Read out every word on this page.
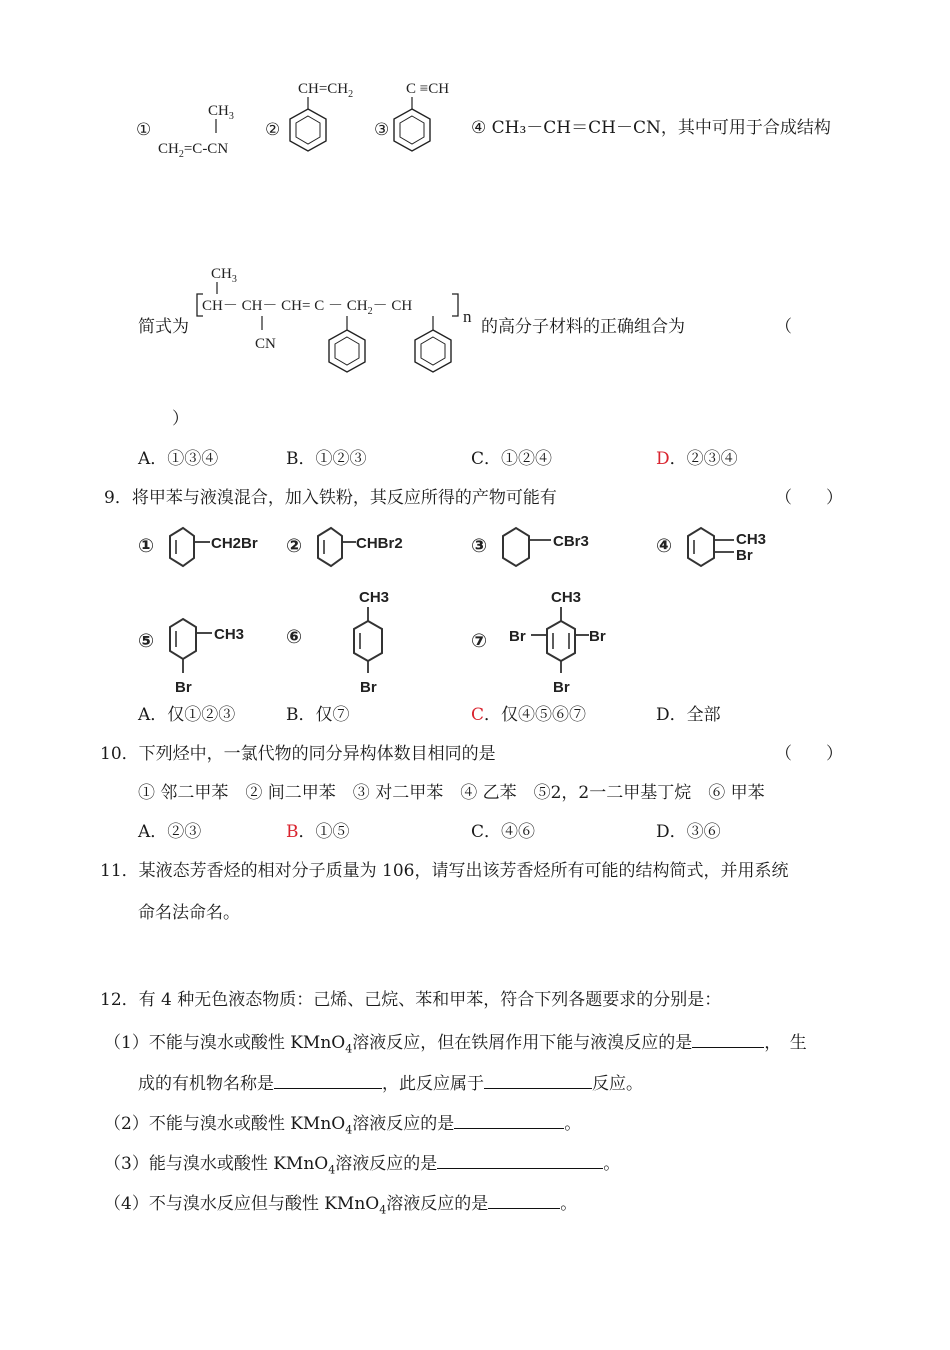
①
$CH_3$
$CH_2=C-CN$
②
$CH=CH_2$
③
C ≡CH
④ CH₃－CH＝CH－CN，其中可用于合成结构
简式为
$CH_3$
$CH- CH- CH= C - CH_2-$ CH
n
CN
的高分子材料的正确组合为	（
）
A．①③④	B．①②③	C．①②④	D．②③④
9．将甲苯与液溴混合，加入铁粉，其反应所得的产物可能有	（　　）
①	CH2Br ②	CHBr2	③	CBr3	④	CH3
Br
⑤	CH3
Br
⑥
CH3
Br
⑦
CH3
Br	Br
Br
A．仅①②③	B．仅⑦	C．仅④⑤⑥⑦	D．全部
10．下列烃中，一氯代物的同分异构体数目相同的是	（　　）
① 邻二甲苯　② 间二甲苯　③ 对二甲苯　④ 乙苯　⑤2，2一二甲基丁烷　⑥ 甲苯
A．②③	B．①⑤	C．④⑥	D．③⑥
11．某液态芳香烃的相对分子质量为 106，请写出该芳香烃所有可能的结构简式，并用系统
命名法命名。
12．有 4 种无色液态物质：己烯、己烷、苯和甲苯，符合下列各题要求的分别是：
（1）不能与溴水或酸性 KMnO$_4$溶液反应，但在铁屑作用下能与液溴反应的是	，　生
成的有机物名称是	，此反应属于	反应。
（2）不能与溴水或酸性 KMnO$_4$溶液反应的是	。
（3）能与溴水或酸性 KMnO$_4$溶液反应的是	。
（4）不与溴水反应但与酸性 KMnO$_4$溶液反应的是	。
